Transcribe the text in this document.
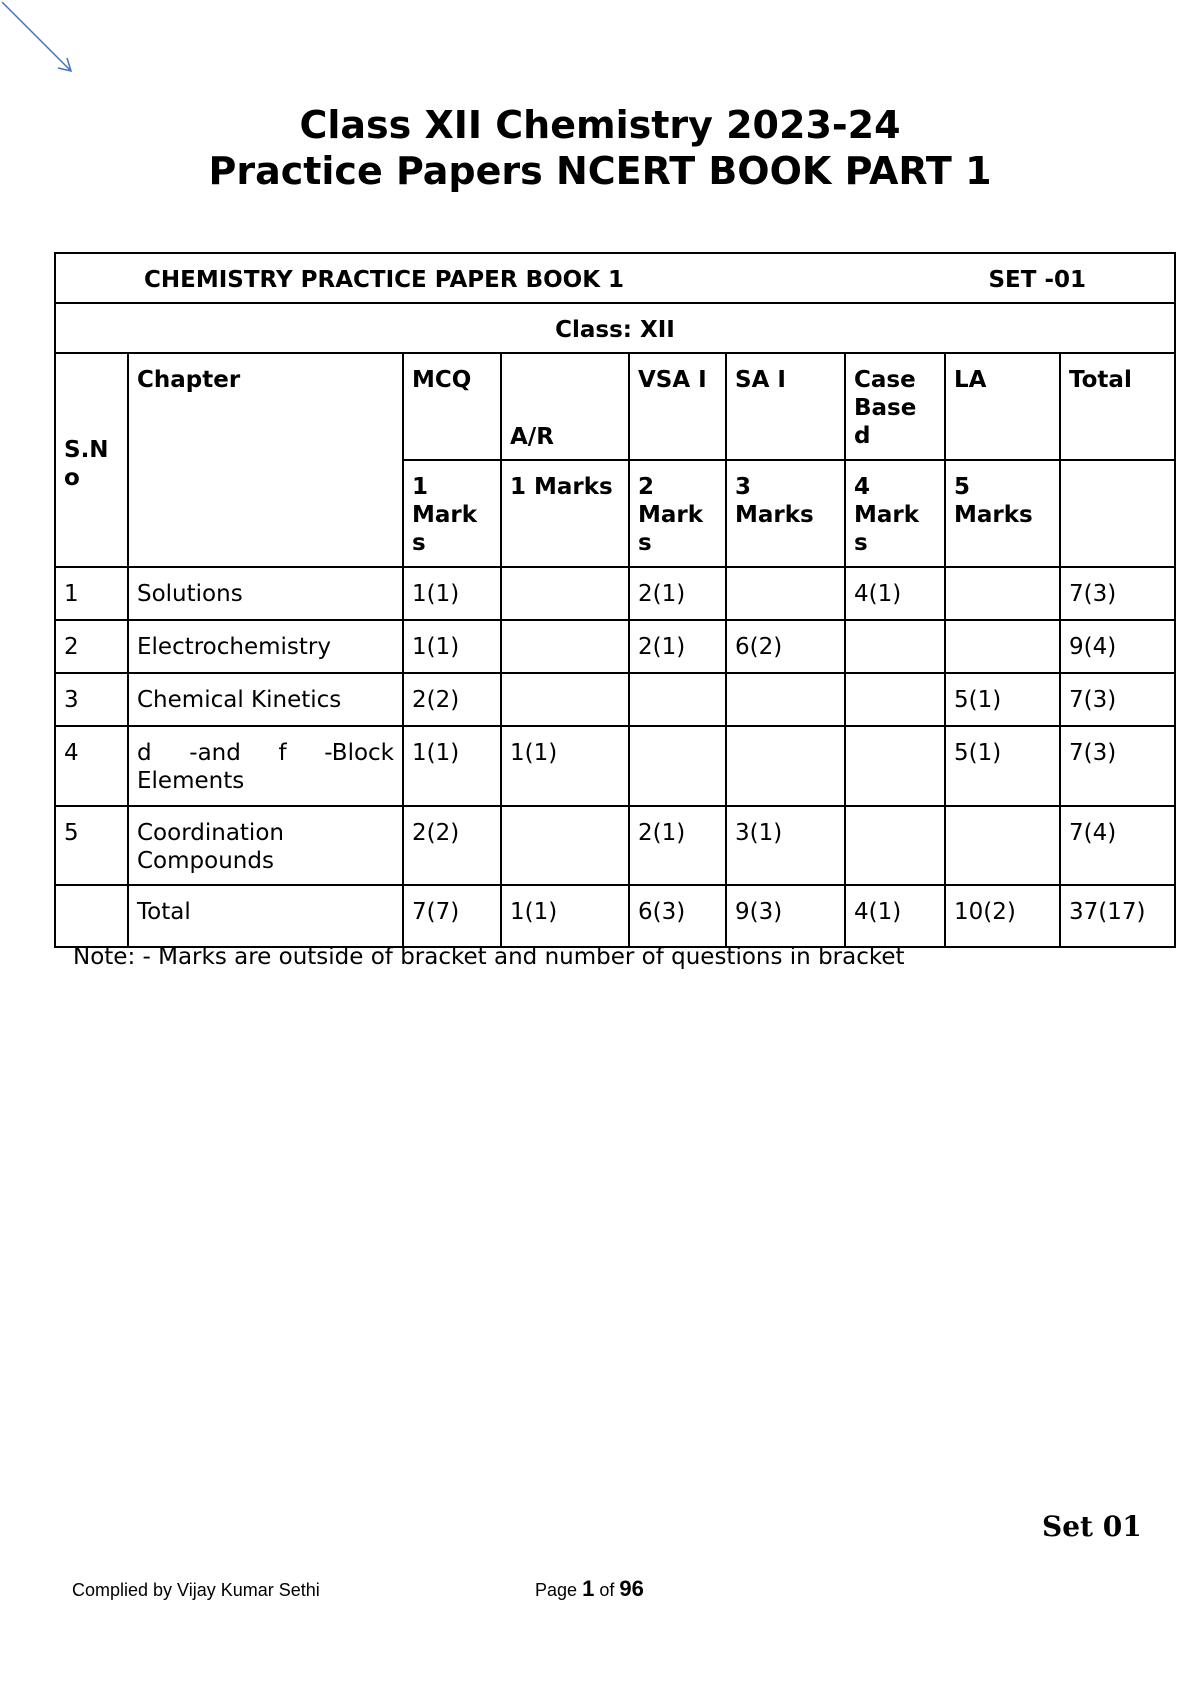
Class XII Chemistry 2023-24
Practice Papers NCERT BOOK PART 1
CHEMISTRY PRACTICE PAPER BOOK 1 SET -01								

Class: XII								
S.N o	Chapter	MCQ	A/R	VSA I	SA I	Case Base d	LA	Total
		1 Mark s	1 Marks	2 Mark s	3 Marks	4 Mark s	5 Marks	
1	Solutions	1(1)		2(1)		4(1)		7(3)
2	Electrochemistry	1(1)		2(1)	6(2)			9(4)
3	Chemical Kinetics	2(2)					5(1)	7(3)
4	d -and f -Block Elements	1(1)	1(1)				5(1)	7(3)
5	Coordination Compounds	2(2)		2(1)	3(1)			7(4)
	Total	7(7)	1(1)	6(3)	9(3)	4(1)	10(2)	37(17)
Note: - Marks are outside of bracket and number of questions in bracket
Set 01
Complied by Vijay Kumar Sethi	Page 1 of 96
